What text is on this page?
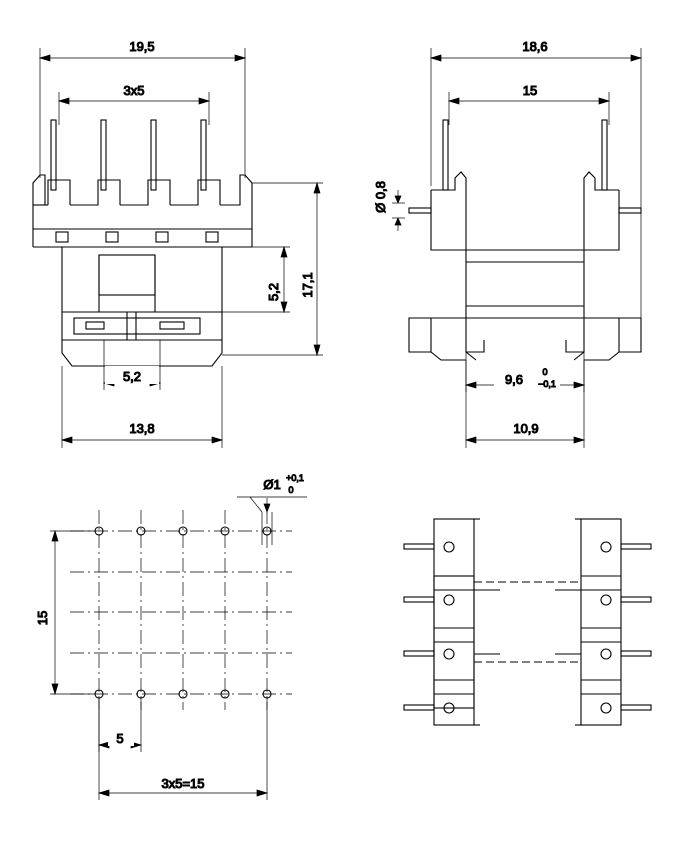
19,5
3x5
17,1
5,2
5,2
13,8
18,6
15
Ø 0,8
9,6 0
−0,1
10,9
Ø1 +0,1
0
15
5
3x5=15
